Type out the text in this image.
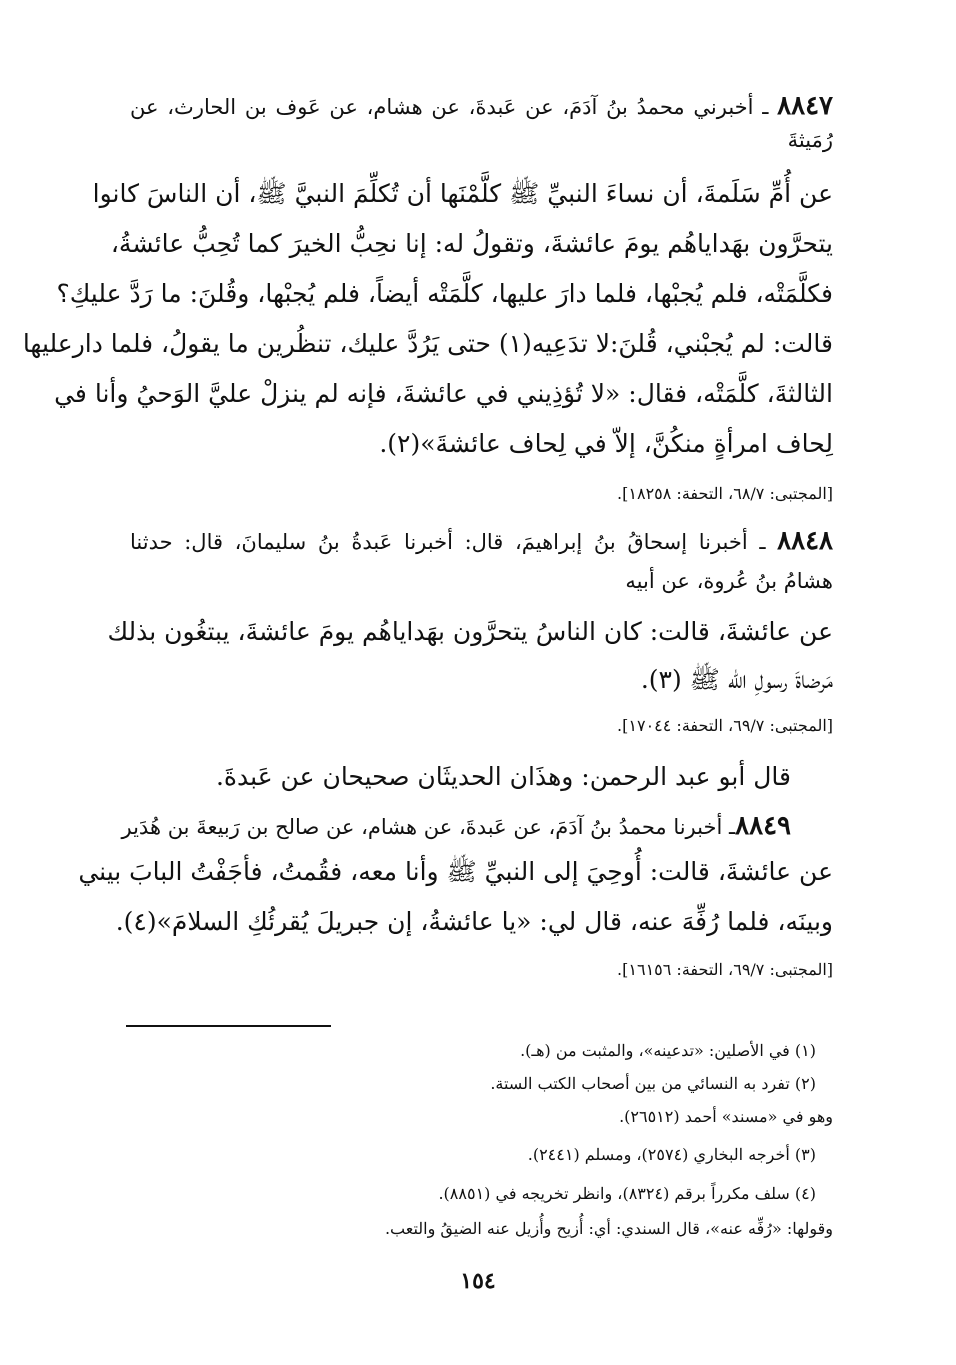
٨٨٤٧ ـ أخبرني محمدُ بنُ آدَمَ، عن عَبدةَ، عن هشام، عن عَوف بن الحارث، عن
رُمَيثةَ
عن أُمِّ سَلَمةَ، أن نساءَ النبيِّ ﷺ كلَّمْنَها أن تُكلِّمَ النبيَّ ﷺ، أن الناسَ كانوا
يتحرَّون بهَداياهُم يومَ عائشةَ، وتقولُ له: إنا نحِبُّ الخيرَ كما تُحِبُّ عائشةُ،
فكلَّمَتْه، فلم يُجبْها، فلما دارَ عليها، كلَّمَتْه أيضاً، فلم يُجبْها، وقُلنَ: ما رَدَّ عليكِ؟
قالت: لم يُجبْني، قُلنَ:لا تدَعِيه(١) حتى يَرُدَّ عليك، تنظُرين ما يقولُ، فلما دارعليها
الثالثةَ، كلَّمَتْه، فقال: «لا تُؤذِيني في عائشةَ، فإنه لم ينزلْ عليَّ الوَحيُ وأنا في
لِحاف امرأةٍ منكُنَّ، إلاّ في لِحاف عائشةَ»(٢).
[المجتبى: ٦٨/٧، التحفة: ١٨٢٥٨].
٨٨٤٨ ـ أخبرنا إسحاقُ بنُ إبراهيمَ، قال: أخبرنا عَبدةُ بنُ سليمانَ، قال: حدثنا
هشامُ بنُ عُروة، عن أبيه
عن عائشةَ، قالت: كان الناسُ يتحرَّون بهَداياهُم يومَ عائشةَ، يبتغُون بذلك
مَرضاةَ رسولِ الله ﷺ (٣).
[المجتبى: ٦٩/٧، التحفة: ١٧٠٤٤].
قال أبو عبد الرحمن: وهذَان الحديثَان صحيحان عن عَبدةَ.
٨٨٤٩ـ أخبرنا محمدُ بنُ آدَمَ، عن عَبدةَ، عن هشام، عن صالح بن رَبيعةَ بن هُدَير
عن عائشةَ، قالت: أُوحِيَ إلى النبيِّ ﷺ وأنا معه، فقُمتُ، فأجَفْتُ البابَ بيني
وبينَه، فلما رُفِّهَ عنه، قال لي: «يا عائشةُ، إن جبريلَ يُقرئُكِ السلامَ»(٤).
[المجتبى: ٦٩/٧، التحفة: ١٦١٥٦].
(١) في الأصلين: «تدعينه»، والمثبت من (هـ).
(٢) تفرد به النسائي من بين أصحاب الكتب الستة.
وهو في «مسند» أحمد (٢٦٥١٢).
(٣) أخرجه البخاري (٢٥٧٤)، ومسلم (٢٤٤١).
(٤) سلف مكرراً برقم (٨٣٢٤)، وانظر تخريجه في (٨٨٥١).
وقولها: «رُفِّه عنه»، قال السندي: أي: أُزيح وأُزيل عنه الضيقُ والتعب.
١٥٤
